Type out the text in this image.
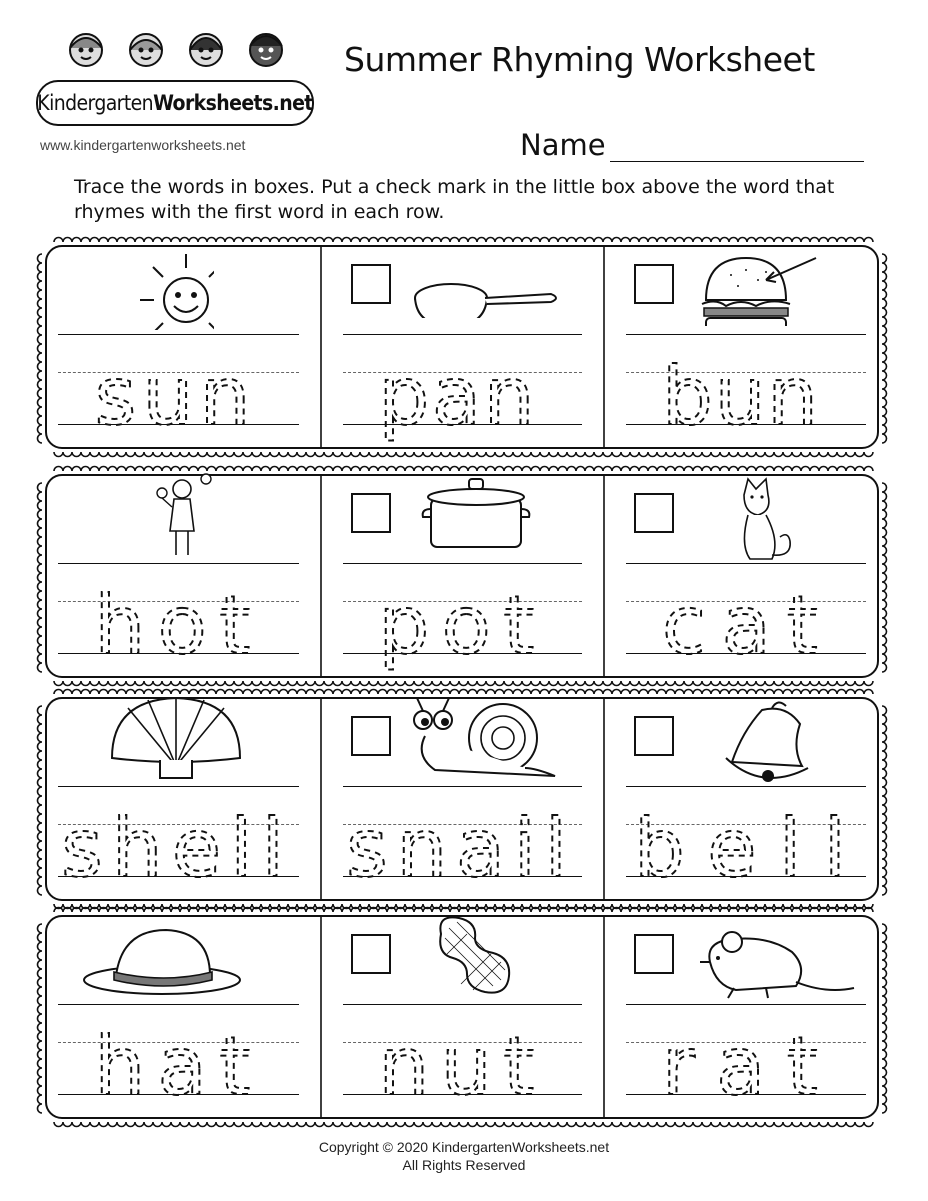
Kindergarten Worksheets.net
www.kindergartenworksheets.net
Summer Rhyming Worksheet
Name
Trace the words in boxes. Put a check mark in the little box above the word that rhymes with the first word in each row.
sun pan bun
hot pot cat
shell snail bell
hat nut rat
Copyright © 2020 KindergartenWorksheets.net
All Rights Reserved
